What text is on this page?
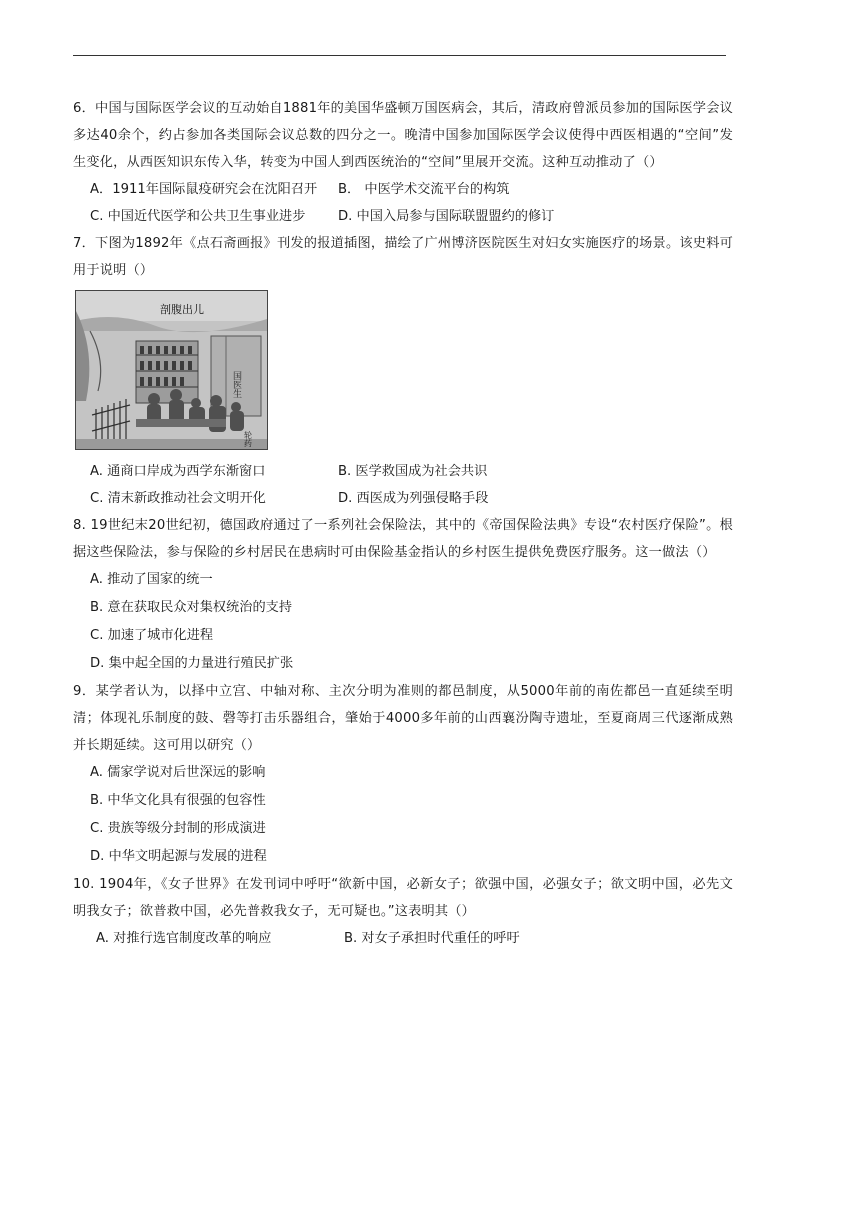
6．中国与国际医学会议的互动始自1881年的美国华盛顿万国医病会，其后，清政府曾派员参加的国际医学会议多达40余个，约占参加各类国际会议总数的四分之一。晚清中国参加国际医学会议使得中西医相遇的“空间”发生变化，从西医知识东传入华，转变为中国人到西医统治的“空间”里展开交流。这种互动推动了（）

A．1911年国际鼠疫研究会在沈阳召开	B． 中医学术交流平台的构筑
C. 中国近代医学和公共卫生事业进步	D. 中国入局参与国际联盟盟约的修订

7．下图为1892年《点石斋画报》刊发的报道插图，描绘了广州博济医院医生对妇女实施医疗的场景。该史料可用于说明（）

剖腹出儿
国医生
轮药
A. 通商口岸成为西学东渐窗口	B. 医学救国成为社会共识
C. 清末新政推动社会文明开化	D. 西医成为列强侵略手段

8. 19世纪末20世纪初，德国政府通过了一系列社会保险法，其中的《帝国保险法典》专设“农村医疗保险”。根据这些保险法，参与保险的乡村居民在患病时可由保险基金指认的乡村医生提供免费医疗服务。这一做法（）

A. 推动了国家的统一
B. 意在获取民众对集权统治的支持
C. 加速了城市化进程
D. 集中起全国的力量进行殖民扩张

9．某学者认为，以择中立宫、中轴对称、主次分明为准则的都邑制度，从5000年前的南佐都邑一直延续至明清；体现礼乐制度的鼓、磬等打击乐器组合，肇始于4000多年前的山西襄汾陶寺遗址，至夏商周三代逐渐成熟并长期延续。这可用以研究（）

A. 儒家学说对后世深远的影响
B. 中华文化具有很强的包容性
C. 贵族等级分封制的形成演进
D. 中华文明起源与发展的进程

10. 1904年，《女子世界》在发刊词中呼吁“欲新中国，必新女子；欲强中国，必强女子；欲文明中国，必先文明我女子；欲普救中国，必先普救我女子，无可疑也。”这表明其（）

A. 对推行选官制度改革的响应	B. 对女子承担时代重任的呼吁
